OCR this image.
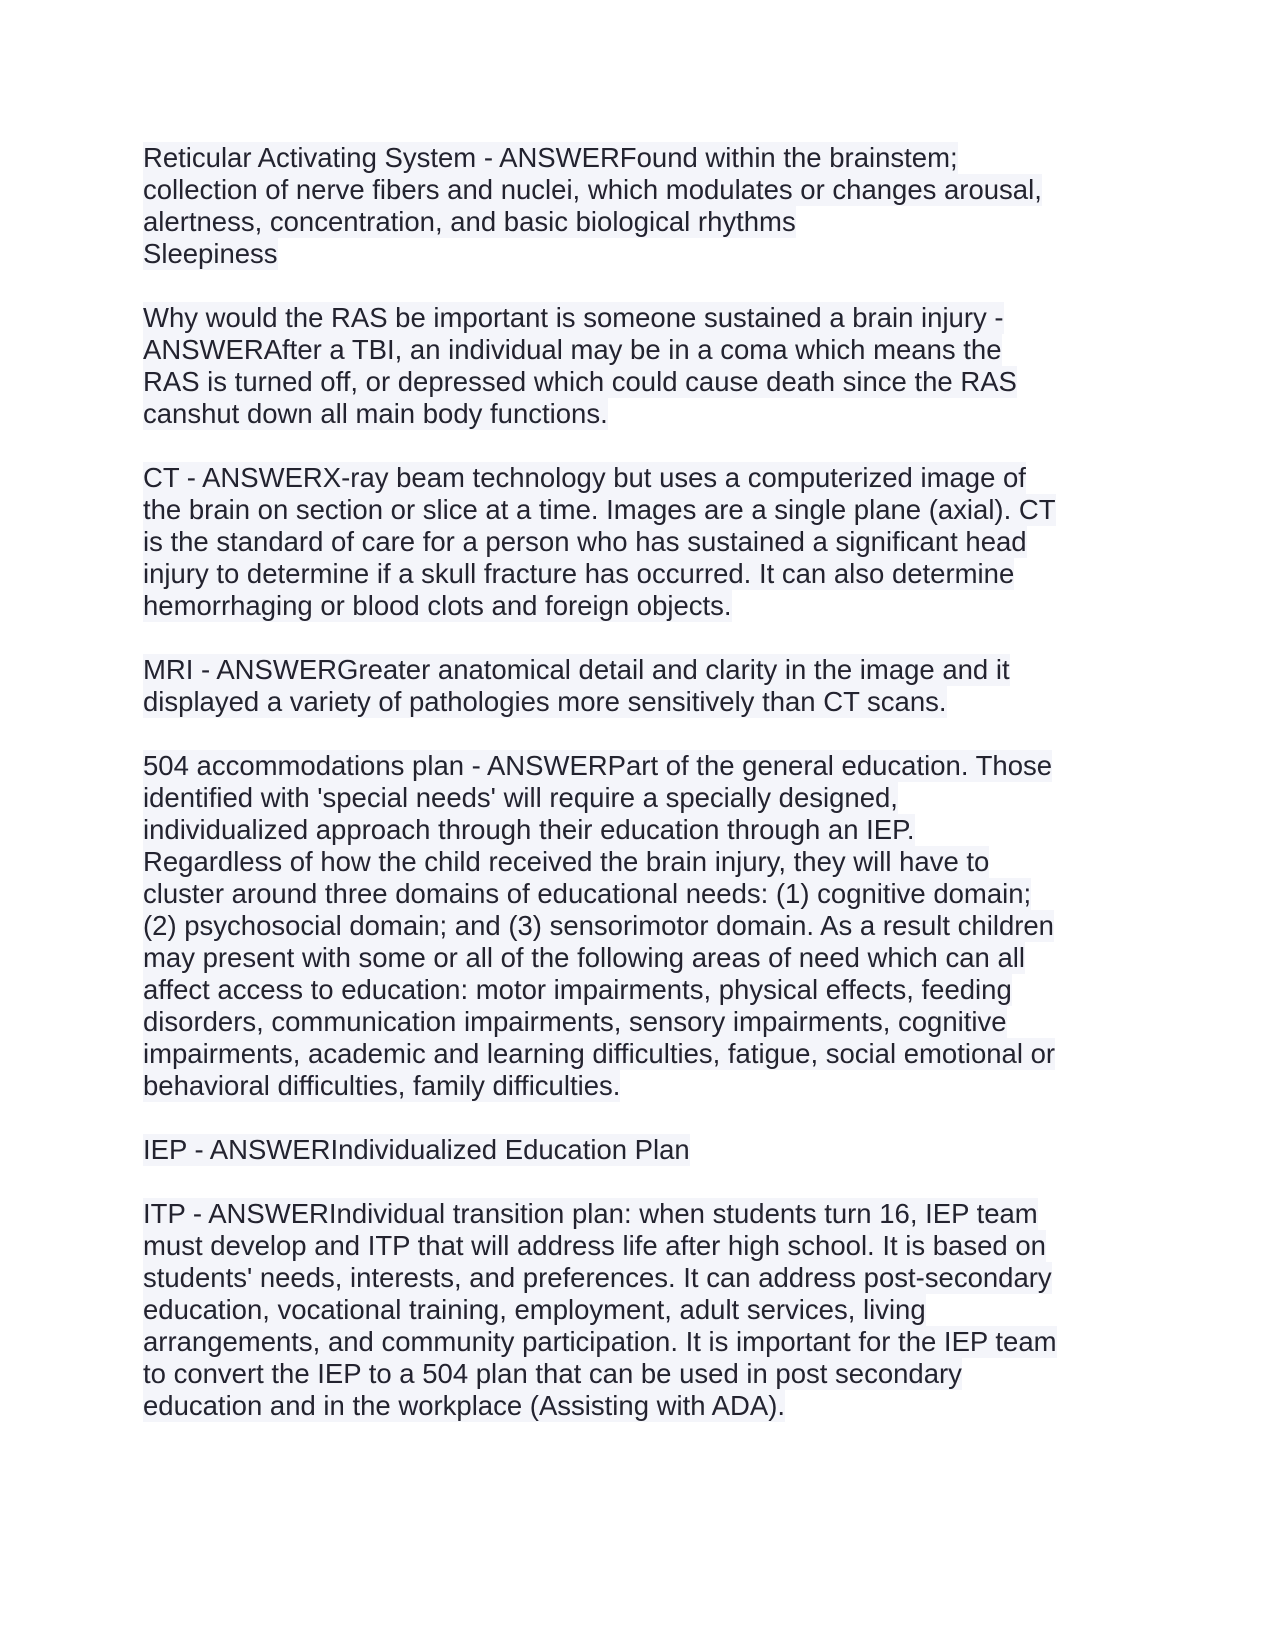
Reticular Activating System - ANSWERFound within the brainstem;
collection of nerve fibers and nuclei, which modulates or changes arousal,
alertness, concentration, and basic biological rhythms
Sleepiness
Why would the RAS be important is someone sustained a brain injury -
ANSWERAfter a TBI, an individual may be in a coma which means the
RAS is turned off, or depressed which could cause death since the RAS
canshut down all main body functions.
CT - ANSWERX-ray beam technology but uses a computerized image of
the brain on section or slice at a time. Images are a single plane (axial). CT
is the standard of care for a person who has sustained a significant head
injury to determine if a skull fracture has occurred. It can also determine
hemorrhaging or blood clots and foreign objects.
MRI - ANSWERGreater anatomical detail and clarity in the image and it
displayed a variety of pathologies more sensitively than CT scans.
504 accommodations plan - ANSWERPart of the general education. Those
identified with 'special needs' will require a specially designed,
individualized approach through their education through an IEP.
Regardless of how the child received the brain injury, they will have to
cluster around three domains of educational needs: (1) cognitive domain;
(2) psychosocial domain; and (3) sensorimotor domain. As a result children
may present with some or all of the following areas of need which can all
affect access to education: motor impairments, physical effects, feeding
disorders, communication impairments, sensory impairments, cognitive
impairments, academic and learning difficulties, fatigue, social emotional or
behavioral difficulties, family difficulties.
IEP - ANSWERIndividualized Education Plan
ITP - ANSWERIndividual transition plan: when students turn 16, IEP team
must develop and ITP that will address life after high school. It is based on
students' needs, interests, and preferences. It can address post-secondary
education, vocational training, employment, adult services, living
arrangements, and community participation. It is important for the IEP team
to convert the IEP to a 504 plan that can be used in post secondary
education and in the workplace (Assisting with ADA).
